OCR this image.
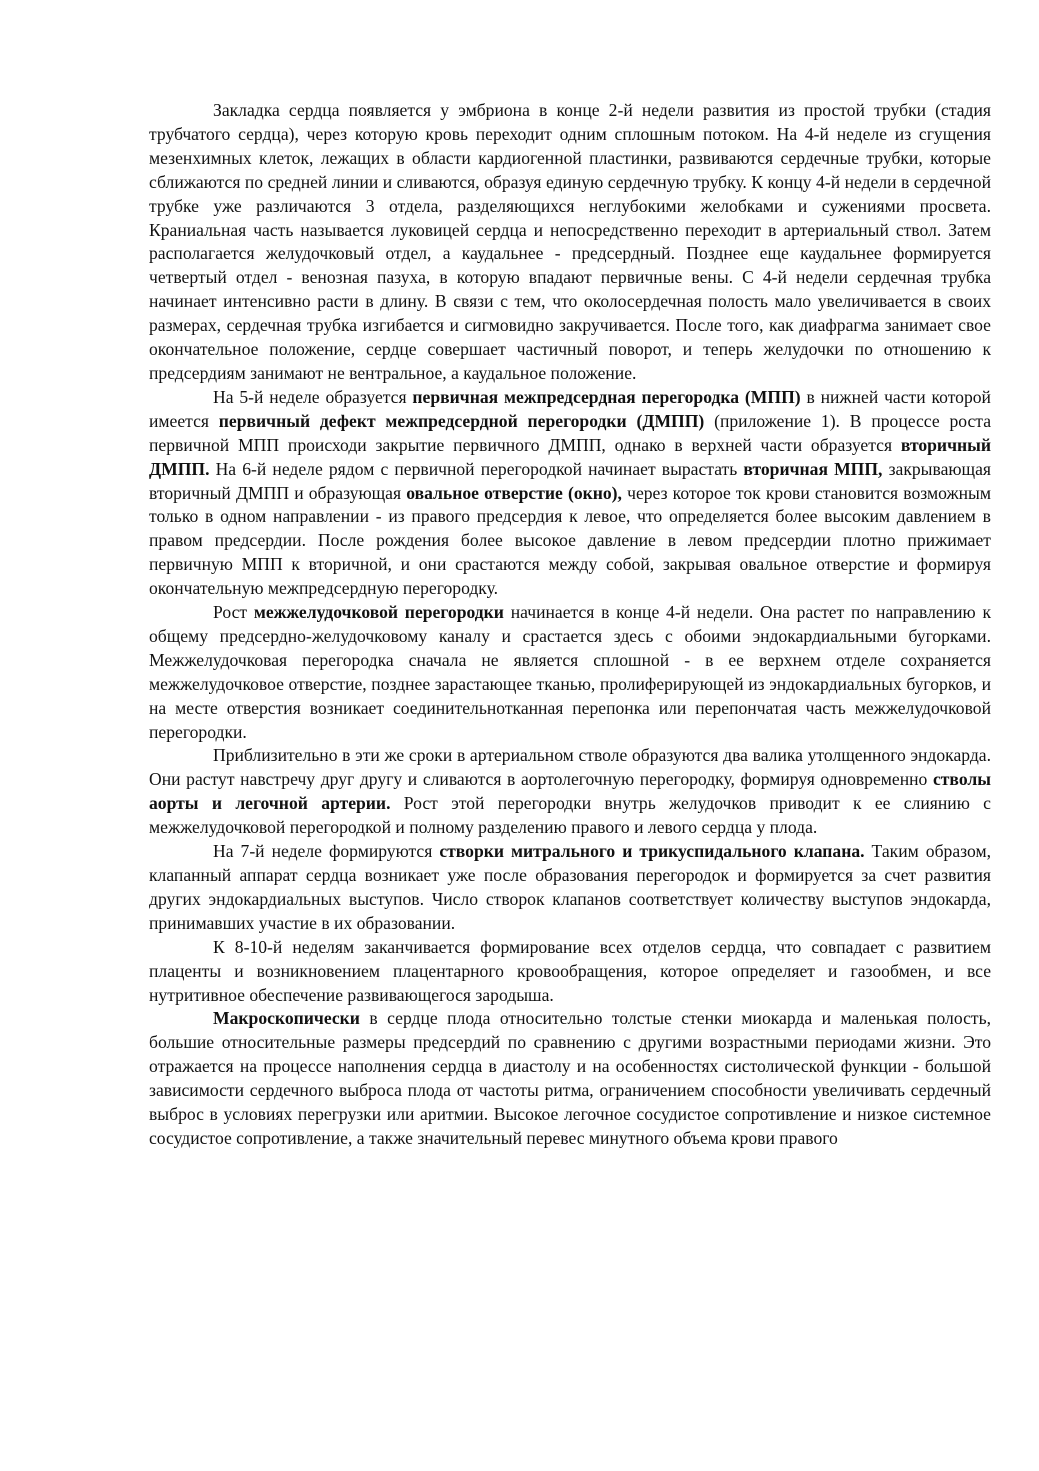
Закладка сердца появляется у эмбриона в конце 2-й недели развития из простой трубки (стадия трубчатого сердца), через которую кровь переходит одним сплошным потоком. На 4-й неделе из сгущения мезенхимных клеток, лежащих в области кардиогенной пластинки, развиваются сердечные трубки, которые сближаются по средней линии и сливаются, образуя единую сердечную трубку. К концу 4-й недели в сердечной трубке уже различаются 3 отдела, разделяющихся неглубокими желобками и сужениями просвета. Краниальная часть называется луковицей сердца и непосредственно переходит в артериальный ствол. Затем располагается желудочковый отдел, а каудальнее - предсердный. Позднее еще каудальнее формируется четвертый отдел - венозная пазуха, в которую впадают первичные вены. С 4-й недели сердечная трубка начинает интенсивно расти в длину. В связи с тем, что околосердечная полость мало увеличивается в своих размерах, сердечная трубка изгибается и сигмовидно закручивается. После того, как диафрагма занимает свое окончательное положение, сердце совершает частичный поворот, и теперь желудочки по отношению к предсердиям занимают не вентральное, а каудальное положение.

На 5-й неделе образуется первичная межпредсердная перегородка (МПП) в нижней части которой имеется первичный дефект межпредсердной перегородки (ДМПП) (приложение 1). В процессе роста первичной МПП происходи закрытие первичного ДМПП, однако в верхней части образуется вторичный ДМПП. На 6-й неделе рядом с первичной перегородкой начинает вырастать вторичная МПП, закрывающая вторичный ДМПП и образующая овальное отверстие (окно), через которое ток крови становится возможным только в одном направлении - из правого предсердия к левое, что определяется более высоким давлением в правом предсердии. После рождения более высокое давление в левом предсердии плотно прижимает первичную МПП к вторичной, и они срастаются между собой, закрывая овальное отверстие и формируя окончательную межпредсердную перегородку.

Рост межжелудочковой перегородки начинается в конце 4-й недели. Она растет по направлению к общему предсердно-желудочковому каналу и срастается здесь с обоими эндокардиальными бугорками. Межжелудочковая перегородка сначала не является сплошной - в ее верхнем отделе сохраняется межжелудочковое отверстие, позднее зарастающее тканью, пролиферирующей из эндокардиальных бугорков, и на месте отверстия возникает соединительнотканная перепонка или перепончатая часть межжелудочковой перегородки.

Приблизительно в эти же сроки в артериальном стволе образуются два валика утолщенного эндокарда. Они растут навстречу друг другу и сливаются в аортолегочную перегородку, формируя одновременно стволы аорты и легочной артерии. Рост этой перегородки внутрь желудочков приводит к ее слиянию с межжелудочковой перегородкой и полному разделению правого и левого сердца у плода.

На 7-й неделе формируются створки митрального и трикуспидального клапана. Таким образом, клапанный аппарат сердца возникает уже после образования перегородок и формируется за счет развития других эндокардиальных выступов. Число створок клапанов соответствует количеству выступов эндокарда, принимавших участие в их образовании.

К 8-10-й неделям заканчивается формирование всех отделов сердца, что совпадает с развитием плаценты и возникновением плацентарного кровообращения, которое определяет и газообмен, и все нутритивное обеспечение развивающегося зародыша.

Макроскопически в сердце плода относительно толстые стенки миокарда и маленькая полость, большие относительные размеры предсердий по сравнению с другими возрастными периодами жизни. Это отражается на процессе наполнения сердца в диастолу и на особенностях систолической функции - большой зависимости сердечного выброса плода от частоты ритма, ограничением способности увеличивать сердечный выброс в условиях перегрузки или аритмии. Высокое легочное сосудистое сопротивление и низкое системное сосудистое сопротивление, а также значительный перевес минутного объема крови правого
